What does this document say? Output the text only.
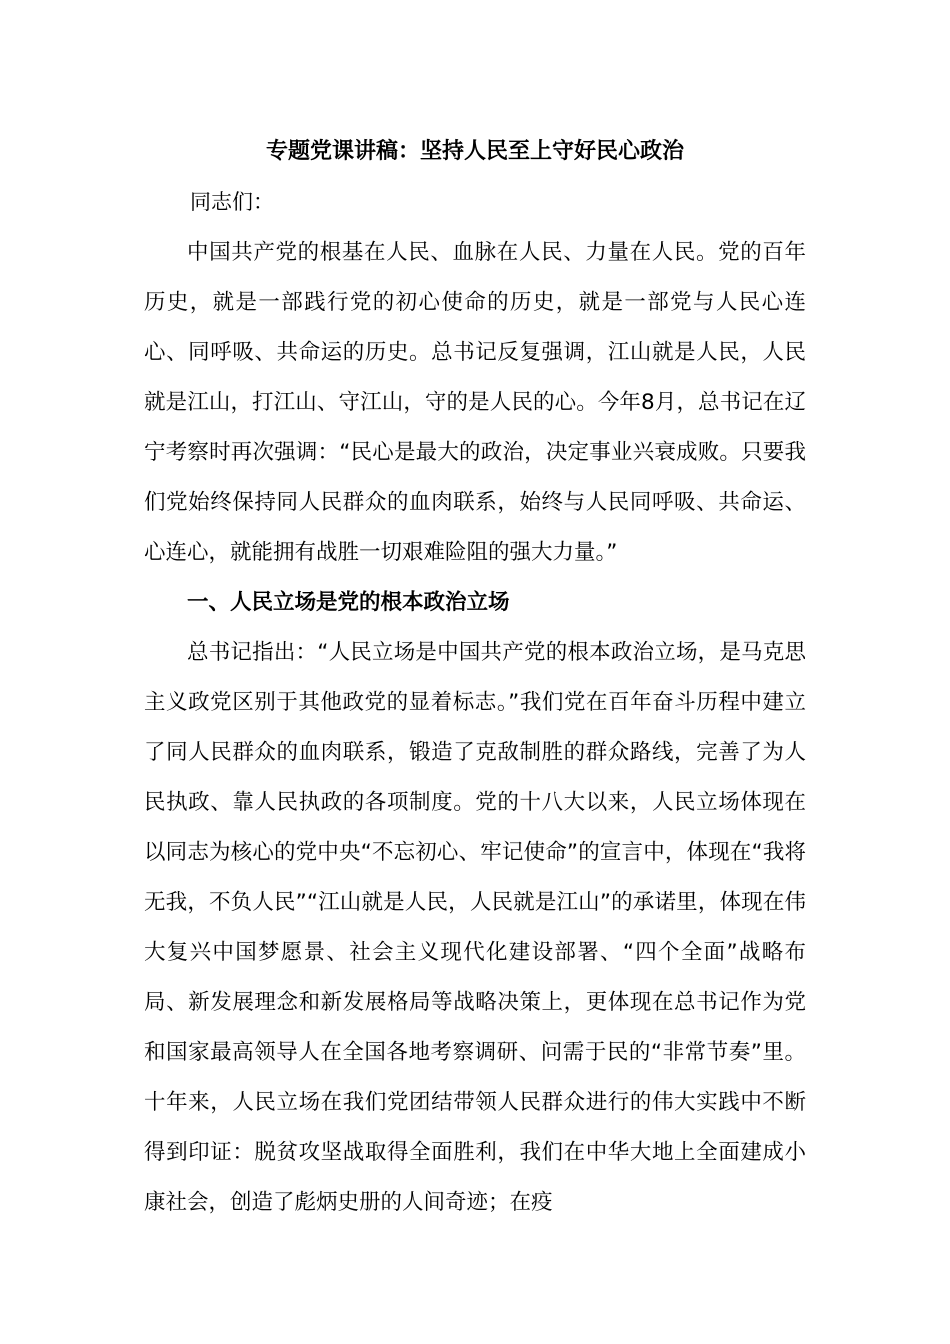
专题党课讲稿：坚持人民至上守好民心政治

同志们：

中国共产党的根基在人民、血脉在人民、力量在人民。党的百年历史，就是一部践行党的初心使命的历史，就是一部党与人民心连心、同呼吸、共命运的历史。总书记反复强调，江山就是人民，人民就是江山，打江山、守江山，守的是人民的心。今年8月，总书记在辽宁考察时再次强调：“民心是最大的政治，决定事业兴衰成败。只要我们党始终保持同人民群众的血肉联系，始终与人民同呼吸、共命运、心连心，就能拥有战胜一切艰难险阻的强大力量。”

一、人民立场是党的根本政治立场

总书记指出：“人民立场是中国共产党的根本政治立场，是马克思主义政党区别于其他政党的显着标志。”我们党在百年奋斗历程中建立了同人民群众的血肉联系，锻造了克敌制胜的群众路线，完善了为人民执政、靠人民执政的各项制度。党的十八大以来，人民立场体现在以同志为核心的党中央“不忘初心、牢记使命”的宣言中，体现在“我将无我，不负人民”“江山就是人民，人民就是江山”的承诺里，体现在伟大复兴中国梦愿景、社会主义现代化建设部署、“四个全面”战略布局、新发展理念和新发展格局等战略决策上，更体现在总书记作为党和国家最高领导人在全国各地考察调研、问需于民的“非常节奏”里。十年来，人民立场在我们党团结带领人民群众进行的伟大实践中不断得到印证：脱贫攻坚战取得全面胜利，我们在中华大地上全面建成小康社会，创造了彪炳史册的人间奇迹；在疫
